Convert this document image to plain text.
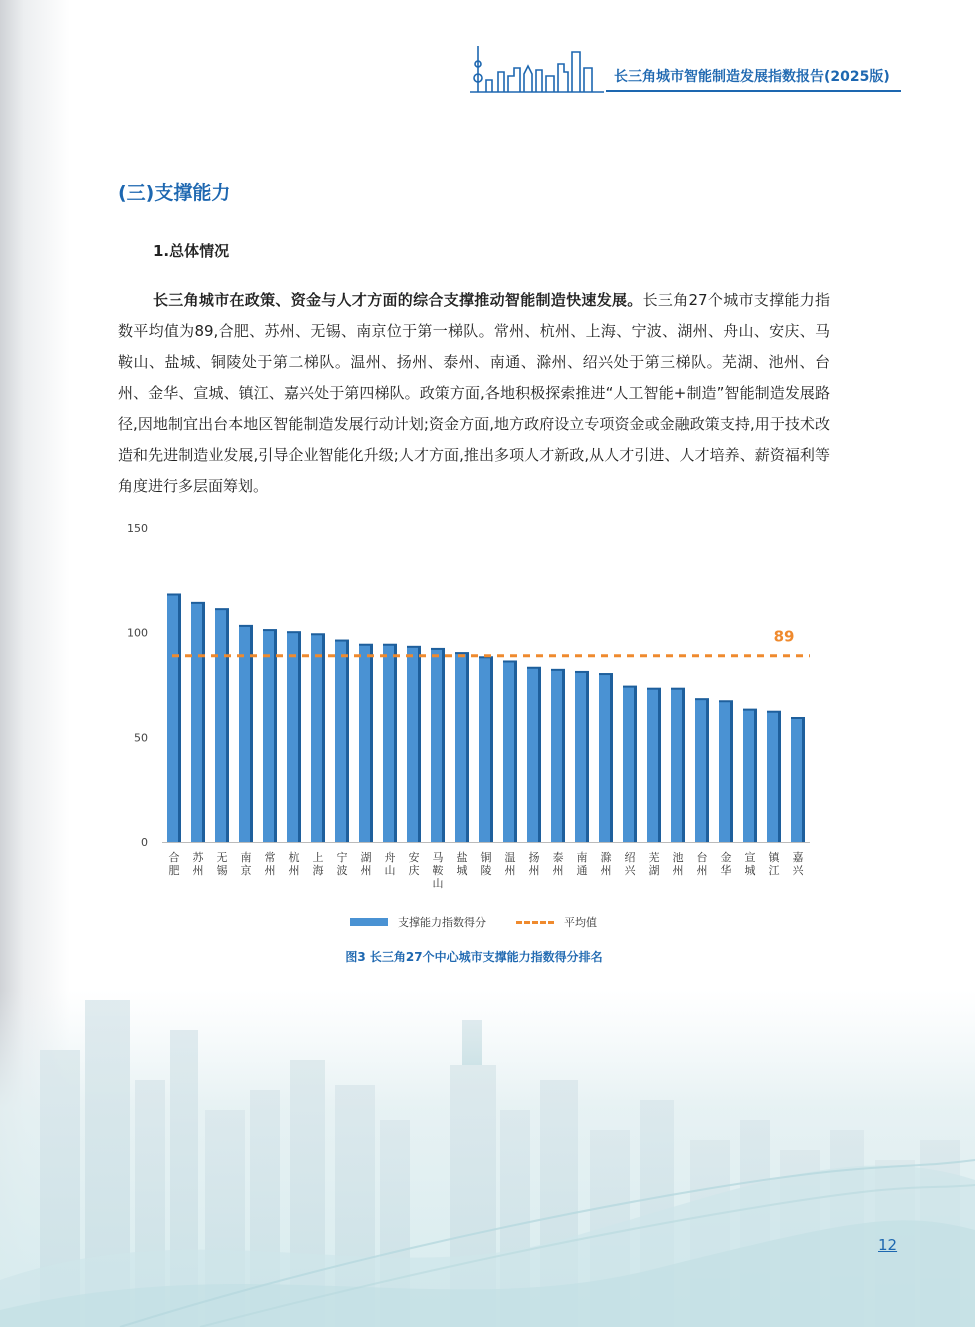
长三角城市智能制造发展指数报告(2025版)
(三)支撑能力
1.总体情况

长三角城市在政策、资金与人才方面的综合支撑推动智能制造快速发展。长三角27个城市支撑能力指数平均值为89,合肥、苏州、无锡、南京位于第一梯队。常州、杭州、上海、宁波、湖州、舟山、安庆、马鞍山、盐城、铜陵处于第二梯队。温州、扬州、泰州、南通、滁州、绍兴处于第三梯队。芜湖、池州、台州、金华、宣城、镇江、嘉兴处于第四梯队。政策方面,各地积极探索推进“人工智能+制造”智能制造发展路径,因地制宜出台本地区智能制造发展行动计划;资金方面,地方政府设立专项资金或金融政策支持,用于技术改造和先进制造业发展,引导企业智能化升级;人才方面,推出多项人才新政,从人才引进、人才培养、薪资福利等角度进行多层面筹划。

0
50
100
150
合
肥
苏
州
无
锡
南
京
常
州
杭
州
上
海
宁
波
湖
州
舟
山
安
庆
马
鞍
山
盐
城
铜
陵
温
州
扬
州
泰
州
南
通
滁
州
绍
兴
芜
湖
池
州
台
州
金
华
宣
城
镇
江
嘉
兴
89
支撑能力指数得分	平均值
图3 长三角27个中心城市支撑能力指数得分排名
12
